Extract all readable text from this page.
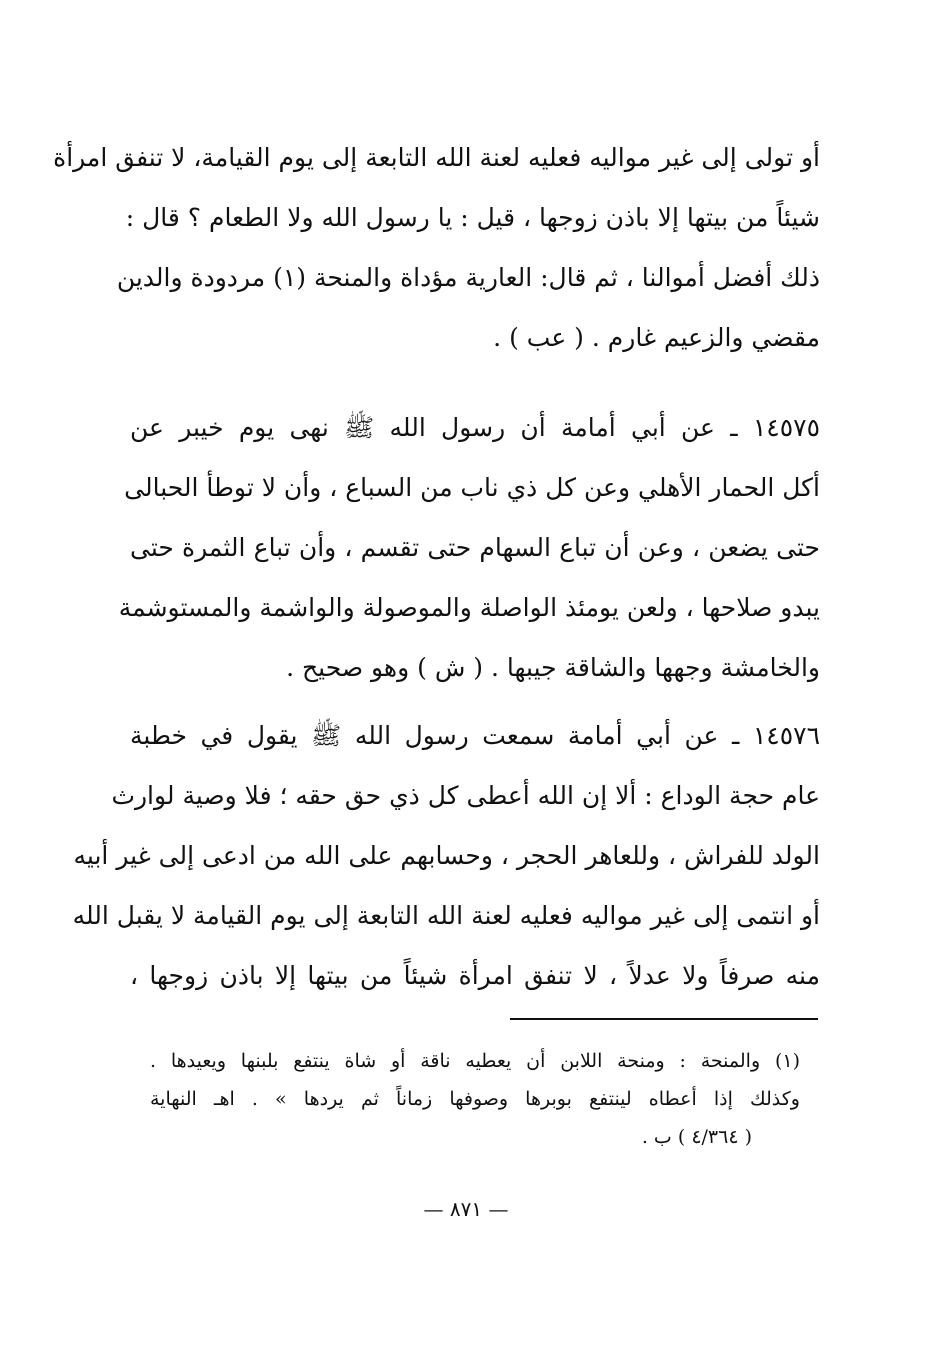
أو تولى إلى غير مواليه فعليه لعنة الله التابعة إلى يوم القيامة، لا تنفق امرأة
شيئاً من بيتها إلا باذن زوجها ، قيل : يا رسول الله ولا الطعام ؟ قال :
ذلك أفضل أموالنا ، ثم قال: العارية مؤداة والمنحة (١) مردودة والدين
مقضي والزعيم غارم . ( عب ) .
١٤٥٧٥ ـ عن أبي أمامة أن رسول الله ﷺ نهى يوم خيبر عن
أكل الحمار الأهلي وعن كل ذي ناب من السباع ، وأن لا توطأ الحبالى
حتى يضعن ، وعن أن تباع السهام حتى تقسم ، وأن تباع الثمرة حتى
يبدو صلاحها ، ولعن يومئذ الواصلة والموصولة والواشمة والمستوشمة
والخامشة وجهها والشاقة جيبها . ( ش ) وهو صحيح .
١٤٥٧٦ ـ عن أبي أمامة سمعت رسول الله ﷺ يقول في خطبة
عام حجة الوداع : ألا إن الله أعطى كل ذي حق حقه ؛ فلا وصية لوارث
الولد للفراش ، وللعاهر الحجر ، وحسابهم على الله من ادعى إلى غير أبيه
أو انتمى إلى غير مواليه فعليه لعنة الله التابعة إلى يوم القيامة لا يقبل الله
منه صرفاً ولا عدلاً ، لا تنفق امرأة شيئاً من بيتها إلا باذن زوجها ،
(١) والمنحة : ومنحة اللابن أن يعطيه ناقة أو شاة ينتفع بلبنها ويعيدها .
وكذلك إذا أعطاه لينتفع بوبرها وصوفها زماناً ثم يردها » . اهـ النهاية
( ٤/٣٦٤ ) ب .
— ٨٧١ —
